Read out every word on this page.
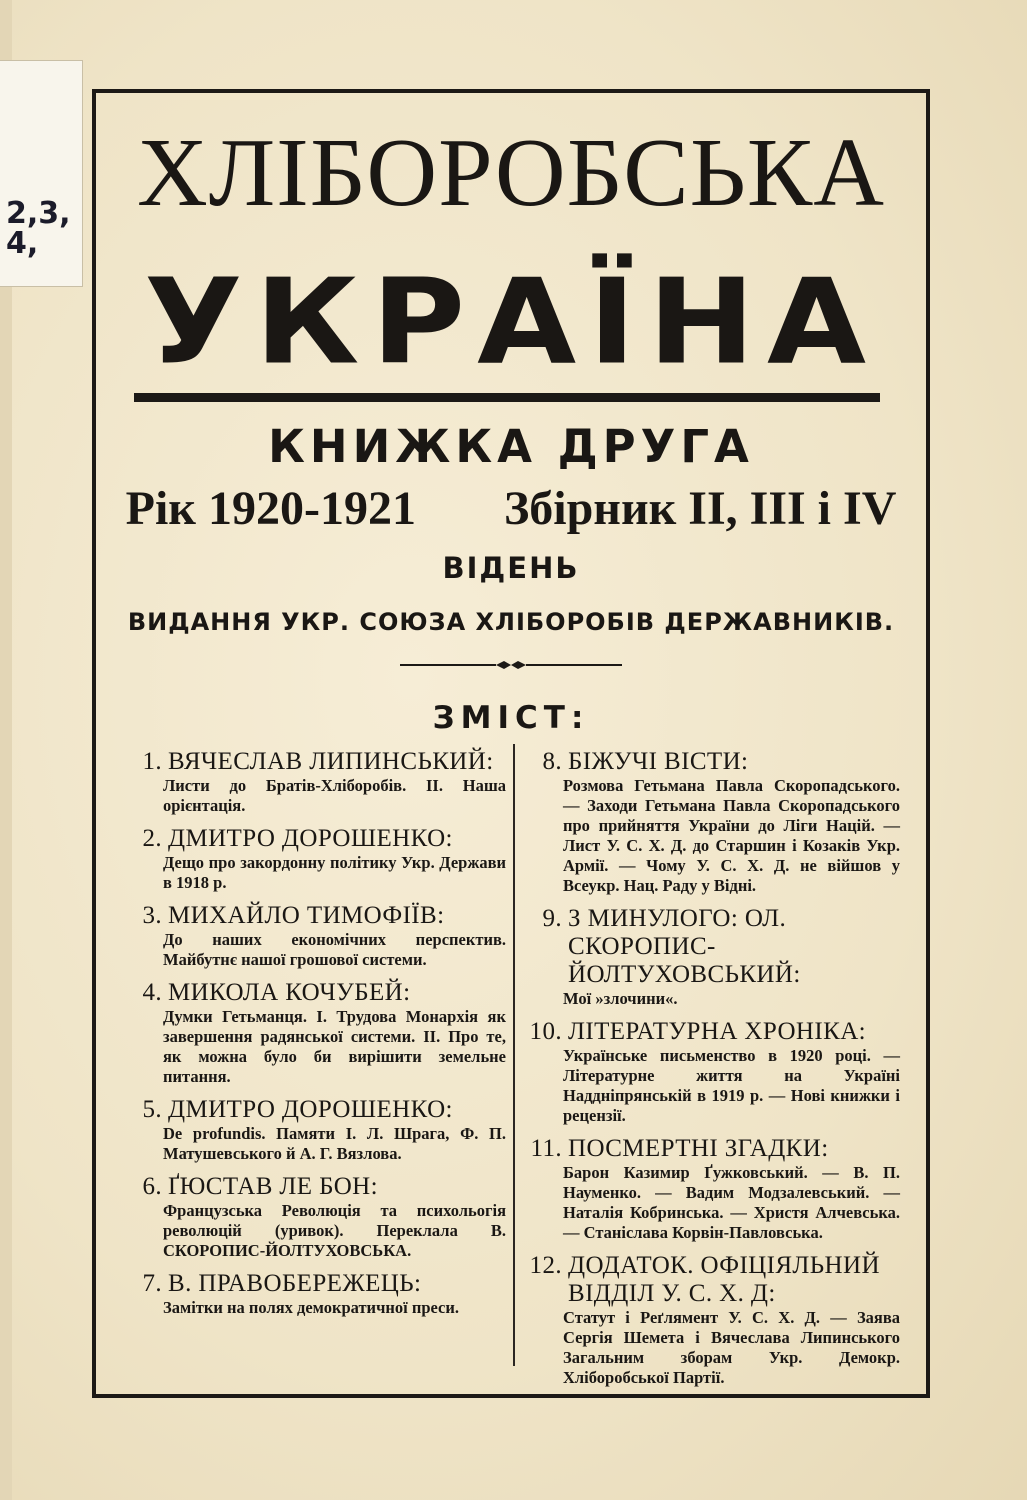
2,3,
4,
ХЛІБОРОБСЬКА
УКРАЇНА
КНИЖКА ДРУГА
Рік 1920-1921 Збірник II, III і IV
ВІДЕНЬ
ВИДАННЯ УКР. СОЮЗА ХЛІБОРОБІВ ДЕРЖАВНИКІВ.
ЗМІСТ:
1. ВЯЧЕСЛАВ ЛИПИНСЬКИЙ:
Листи до Братів-Хліборобів. II. Наша орієнтація.
2. ДМИТРО ДОРОШЕНКО:
Дещо про закордонну політику Укр. Держави в 1918 р.
3. МИХАЙЛО ТИМОФІЇВ:
До наших економічних перспектив. Майбутнє нашої грошової системи.
4. МИКОЛА КОЧУБЕЙ:
Думки Гетьманця. I. Трудова Монархія як завершення радянської системи. II. Про те, як можна було би вирішити земельне питання.
5. ДМИТРО ДОРОШЕНКО:
De profundis. Памяти І. Л. Шрага, Ф. П. Матушевського й А. Г. Вязлова.
6. ҐЮСТАВ ЛЕ БОН:
Французська Революція та психольогія революцій (уривок). Переклала В. СКОРОПИС-ЙОЛТУХОВСЬКА.
7. В. ПРАВОБЕРЕЖЕЦЬ:
Замітки на полях демократичної преси.
8. БІЖУЧІ ВІСТИ:
Розмова Гетьмана Павла Скоропадського. — Заходи Гетьмана Павла Скоропадського про прийняття України до Ліги Націй. — Лист У. С. Х. Д. до Старшин і Козаків Укр. Армії. — Чому У. С. Х. Д. не війшов у Всеукр. Нац. Раду у Відні.
9. З МИНУЛОГО: ОЛ. СКОРОПИС-ЙОЛТУХОВСЬКИЙ:
Мої »злочини«.
10. ЛІТЕРАТУРНА ХРОНІКА:
Українське письменство в 1920 році. — Літературне життя на Україні Наддніпрянській в 1919 р. — Нові книжки і рецензії.
11. ПОСМЕРТНІ ЗГАДКИ:
Барон Казимир Ґужковський. — В. П. Науменко. — Вадим Модзалевський. — Наталія Кобринська. — Христя Алчевська. — Станіслава Корвін-Павловська.
12. ДОДАТОК. ОФІЦІЯЛЬНИЙ ВІДДІЛ У. С. Х. Д:
Статут і Реґлямент У. С. Х. Д. — Заява Сергія Шемета і Вячеслава Липинського Загальним зборам Укр. Демокр. Хліборобської Партії.
